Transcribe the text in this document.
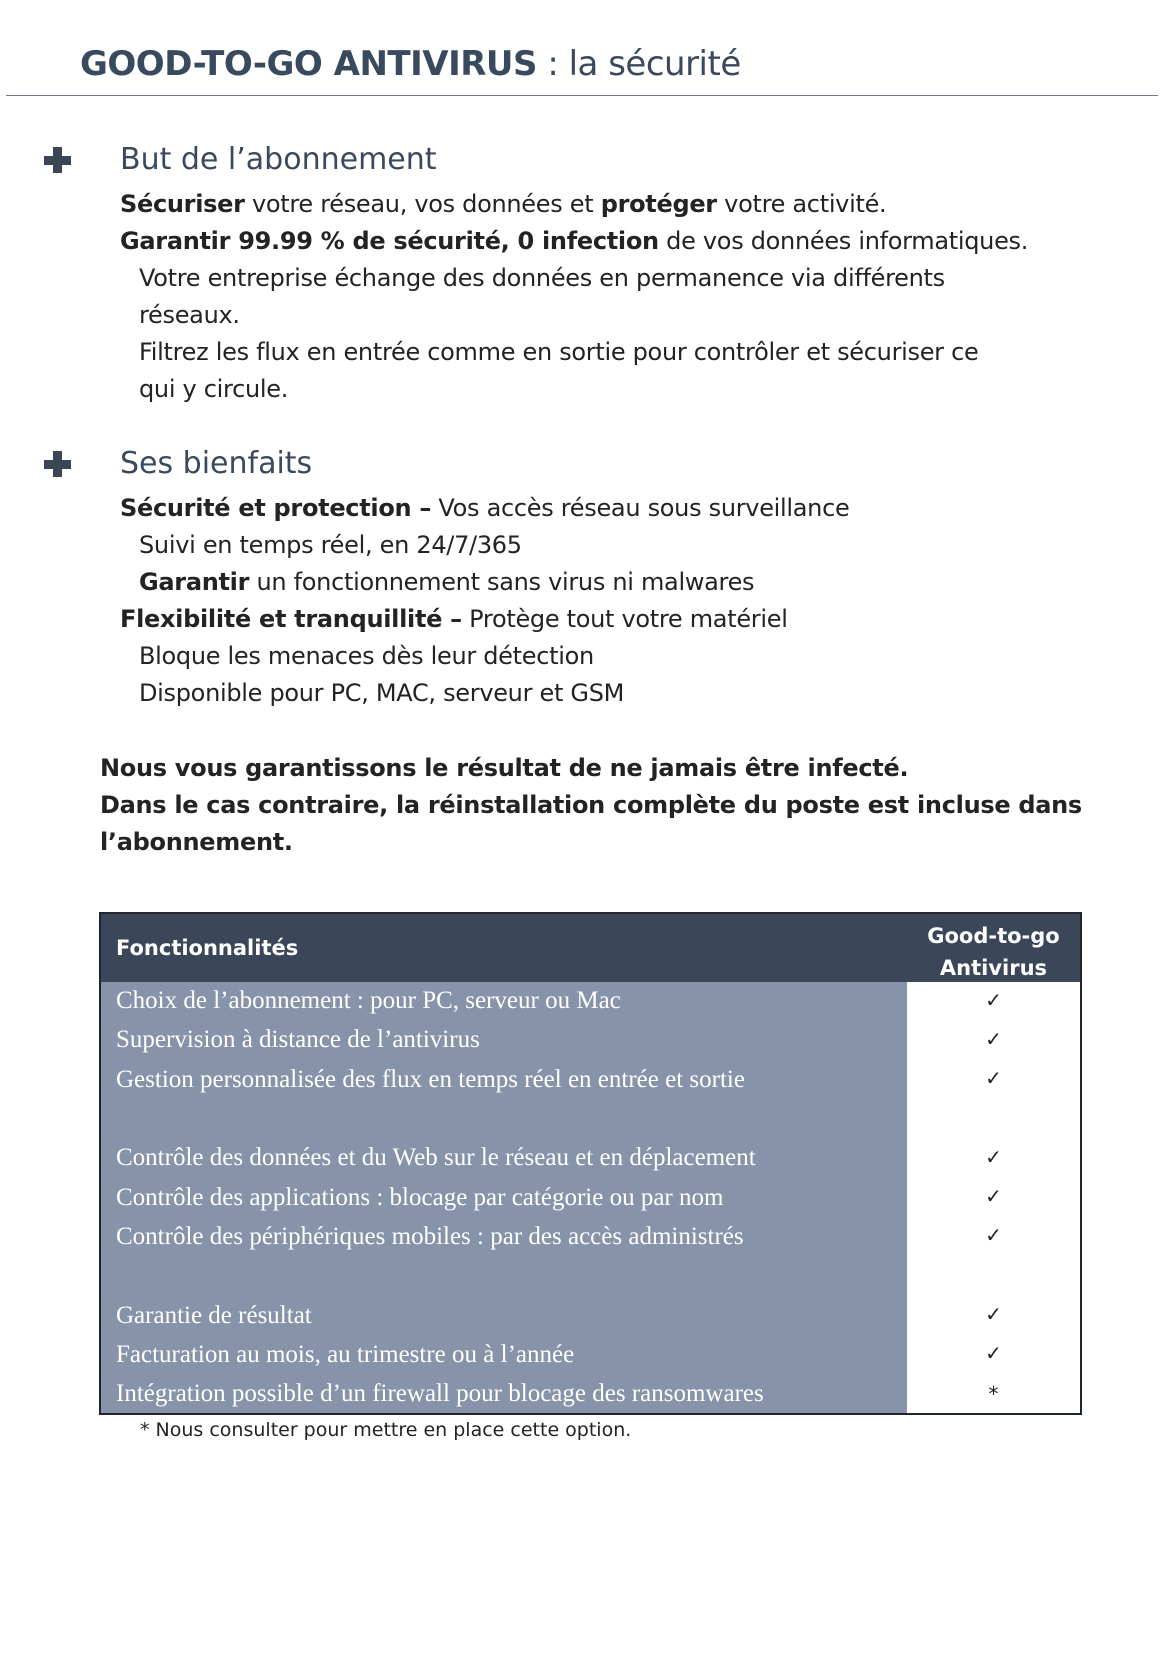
GOOD-TO-GO ANTIVIRUS : la sécurité
But de l’abonnement
Sécuriser votre réseau, vos données et protéger votre activité.
Garantir 99.99 % de sécurité, 0 infection de vos données informatiques.
Votre entreprise échange des données en permanence via différents
réseaux.
Filtrez les flux en entrée comme en sortie pour contrôler et sécuriser ce
qui y circule.
Ses bienfaits
Sécurité et protection – Vos accès réseau sous surveillance
Suivi en temps réel, en 24/7/365
Garantir un fonctionnement sans virus ni malwares
Flexibilité et tranquillité – Protège tout votre matériel
Bloque les menaces dès leur détection
Disponible pour PC, MAC, serveur et GSM
Nous vous garantissons le résultat de ne jamais être infecté.
Dans le cas contraire, la réinstallation complète du poste est incluse dans
l’abonnement.
Fonctionnalités	Good-to-go
Antivirus
Choix de l’abonnement : pour PC, serveur ou Mac	✓
Supervision à distance de l’antivirus	✓
Gestion personnalisée des flux en temps réel en entrée et sortie	✓
Contrôle des données et du Web sur le réseau et en déplacement	✓
Contrôle des applications : blocage par catégorie ou par nom	✓
Contrôle des périphériques mobiles : par des accès administrés	✓
Garantie de résultat	✓
Facturation au mois, au trimestre ou à l’année	✓
Intégration possible d’un firewall pour blocage des ransomwares	*
* Nous consulter pour mettre en place cette option.
